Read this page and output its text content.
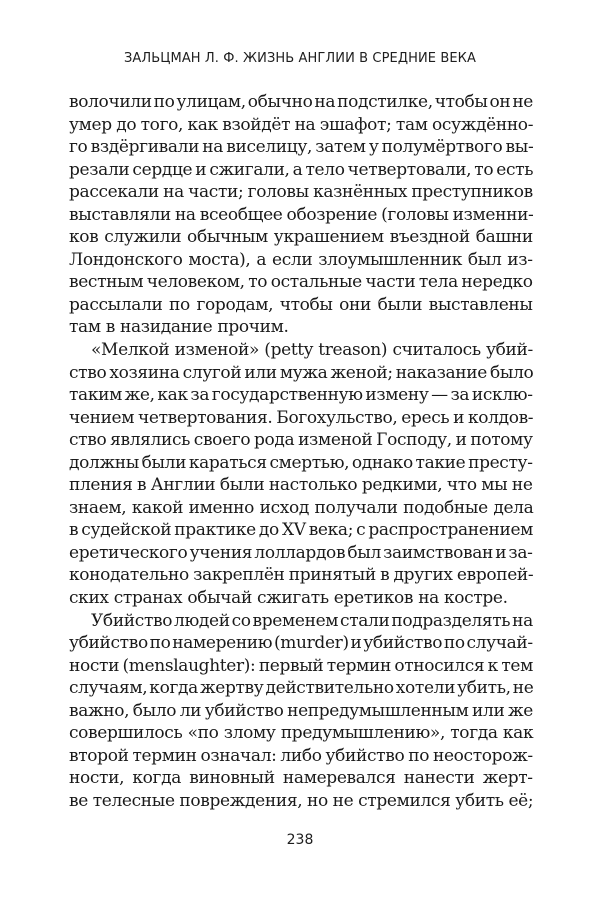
ЗАЛЬЦМАН Л. Ф. ЖИЗНЬ АНГЛИИ В СРЕДНИЕ ВЕКА
волочили по улицам, обычно на подстилке, чтобы он не
умер до того, как взойдёт на эшафот; там осуждённо-
го вздёргивали на виселицу, затем у полумёртвого вы-
резали сердце и сжигали, а тело четвертовали, то есть
рассекали на части; головы казнённых преступников
выставляли на всеобщее обозрение (головы изменни-
ков служили обычным украшением въездной башни
Лондонского моста), а если злоумышленник был из-
вестным человеком, то остальные части тела нередко
рассылали по городам, чтобы они были выставлены
там в назидание прочим.
«Мелкой изменой» (petty treason) считалось убий-
ство хозяина слугой или мужа женой; наказание было
таким же, как за государственную измену — за исклю-
чением четвертования. Богохульство, ересь и колдов-
ство являлись своего рода изменой Господу, и потому
должны были караться смертью, однако такие престу-
пления в Англии были настолько редкими, что мы не
знаем, какой именно исход получали подобные дела
в судейской практике до XV века; с распространением
еретического учения лоллардов был заимствован и за-
конодательно закреплён принятый в других европей-
ских странах обычай сжигать еретиков на костре.
Убийство людей со временем стали подразделять на
убийство по намерению (murder) и убийство по случай-
ности (menslaughter): первый термин относился к тем
случаям, когда жертву действительно хотели убить, не
важно, было ли убийство непредумышленным или же
совершилось «по злому предумышлению», тогда как
второй термин означал: либо убийство по неосторож-
ности, когда виновный намеревался нанести жерт-
ве телесные повреждения, но не стремился убить её;
238
